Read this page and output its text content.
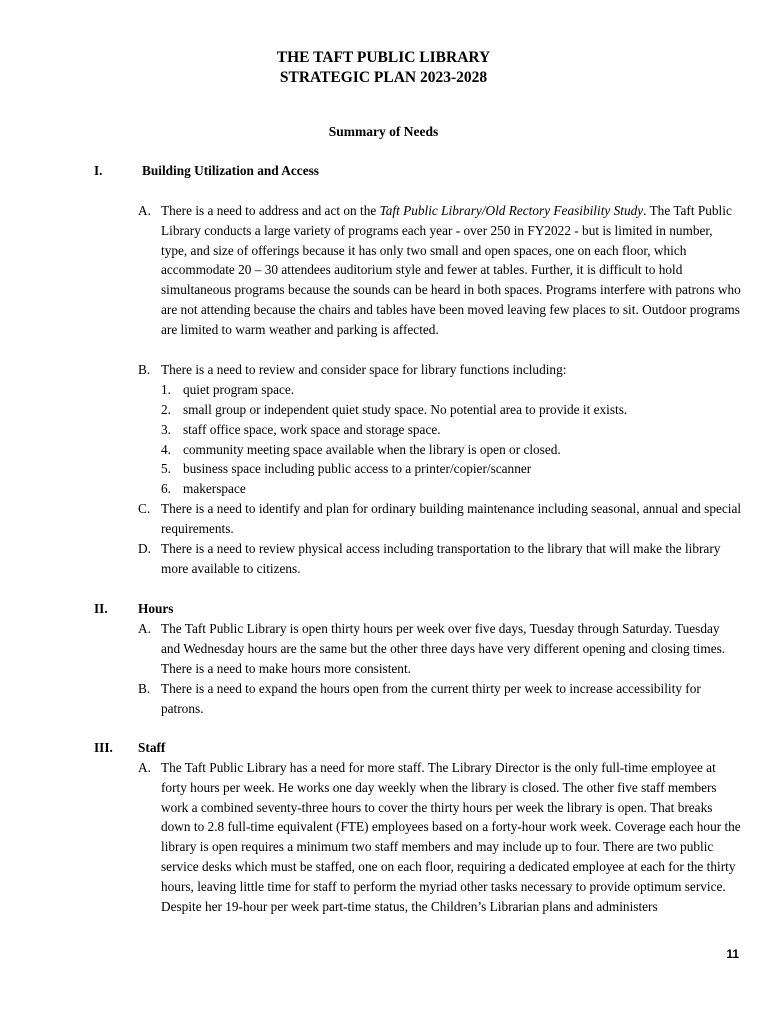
THE TAFT PUBLIC LIBRARY
STRATEGIC PLAN 2023-2028
Summary of Needs
I.	Building Utilization and Access
A. There is a need to address and act on the Taft Public Library/Old Rectory Feasibility Study. The Taft Public Library conducts a large variety of programs each year - over 250 in FY2022 - but is limited in number, type, and size of offerings because it has only two small and open spaces, one on each floor, which accommodate 20 – 30 attendees auditorium style and fewer at tables. Further, it is difficult to hold simultaneous programs because the sounds can be heard in both spaces. Programs interfere with patrons who are not attending because the chairs and tables have been moved leaving few places to sit. Outdoor programs are limited to warm weather and parking is affected.
B. There is a need to review and consider space for library functions including:
1. quiet program space.
2. small group or independent quiet study space. No potential area to provide it exists.
3. staff office space, work space and storage space.
4. community meeting space available when the library is open or closed.
5. business space including public access to a printer/copier/scanner
6. makerspace
C. There is a need to identify and plan for ordinary building maintenance including seasonal, annual and special requirements.
D. There is a need to review physical access including transportation to the library that will make the library more available to citizens.
II. Hours
A. The Taft Public Library is open thirty hours per week over five days, Tuesday through Saturday. Tuesday and Wednesday hours are the same but the other three days have very different opening and closing times. There is a need to make hours more consistent.
B. There is a need to expand the hours open from the current thirty per week to increase accessibility for patrons.
III. Staff
A. The Taft Public Library has a need for more staff. The Library Director is the only full-time employee at forty hours per week. He works one day weekly when the library is closed. The other five staff members work a combined seventy-three hours to cover the thirty hours per week the library is open. That breaks down to 2.8 full-time equivalent (FTE) employees based on a forty-hour work week. Coverage each hour the library is open requires a minimum two staff members and may include up to four. There are two public service desks which must be staffed, one on each floor, requiring a dedicated employee at each for the thirty hours, leaving little time for staff to perform the myriad other tasks necessary to provide optimum service. Despite her 19-hour per week part-time status, the Children’s Librarian plans and administers
11
